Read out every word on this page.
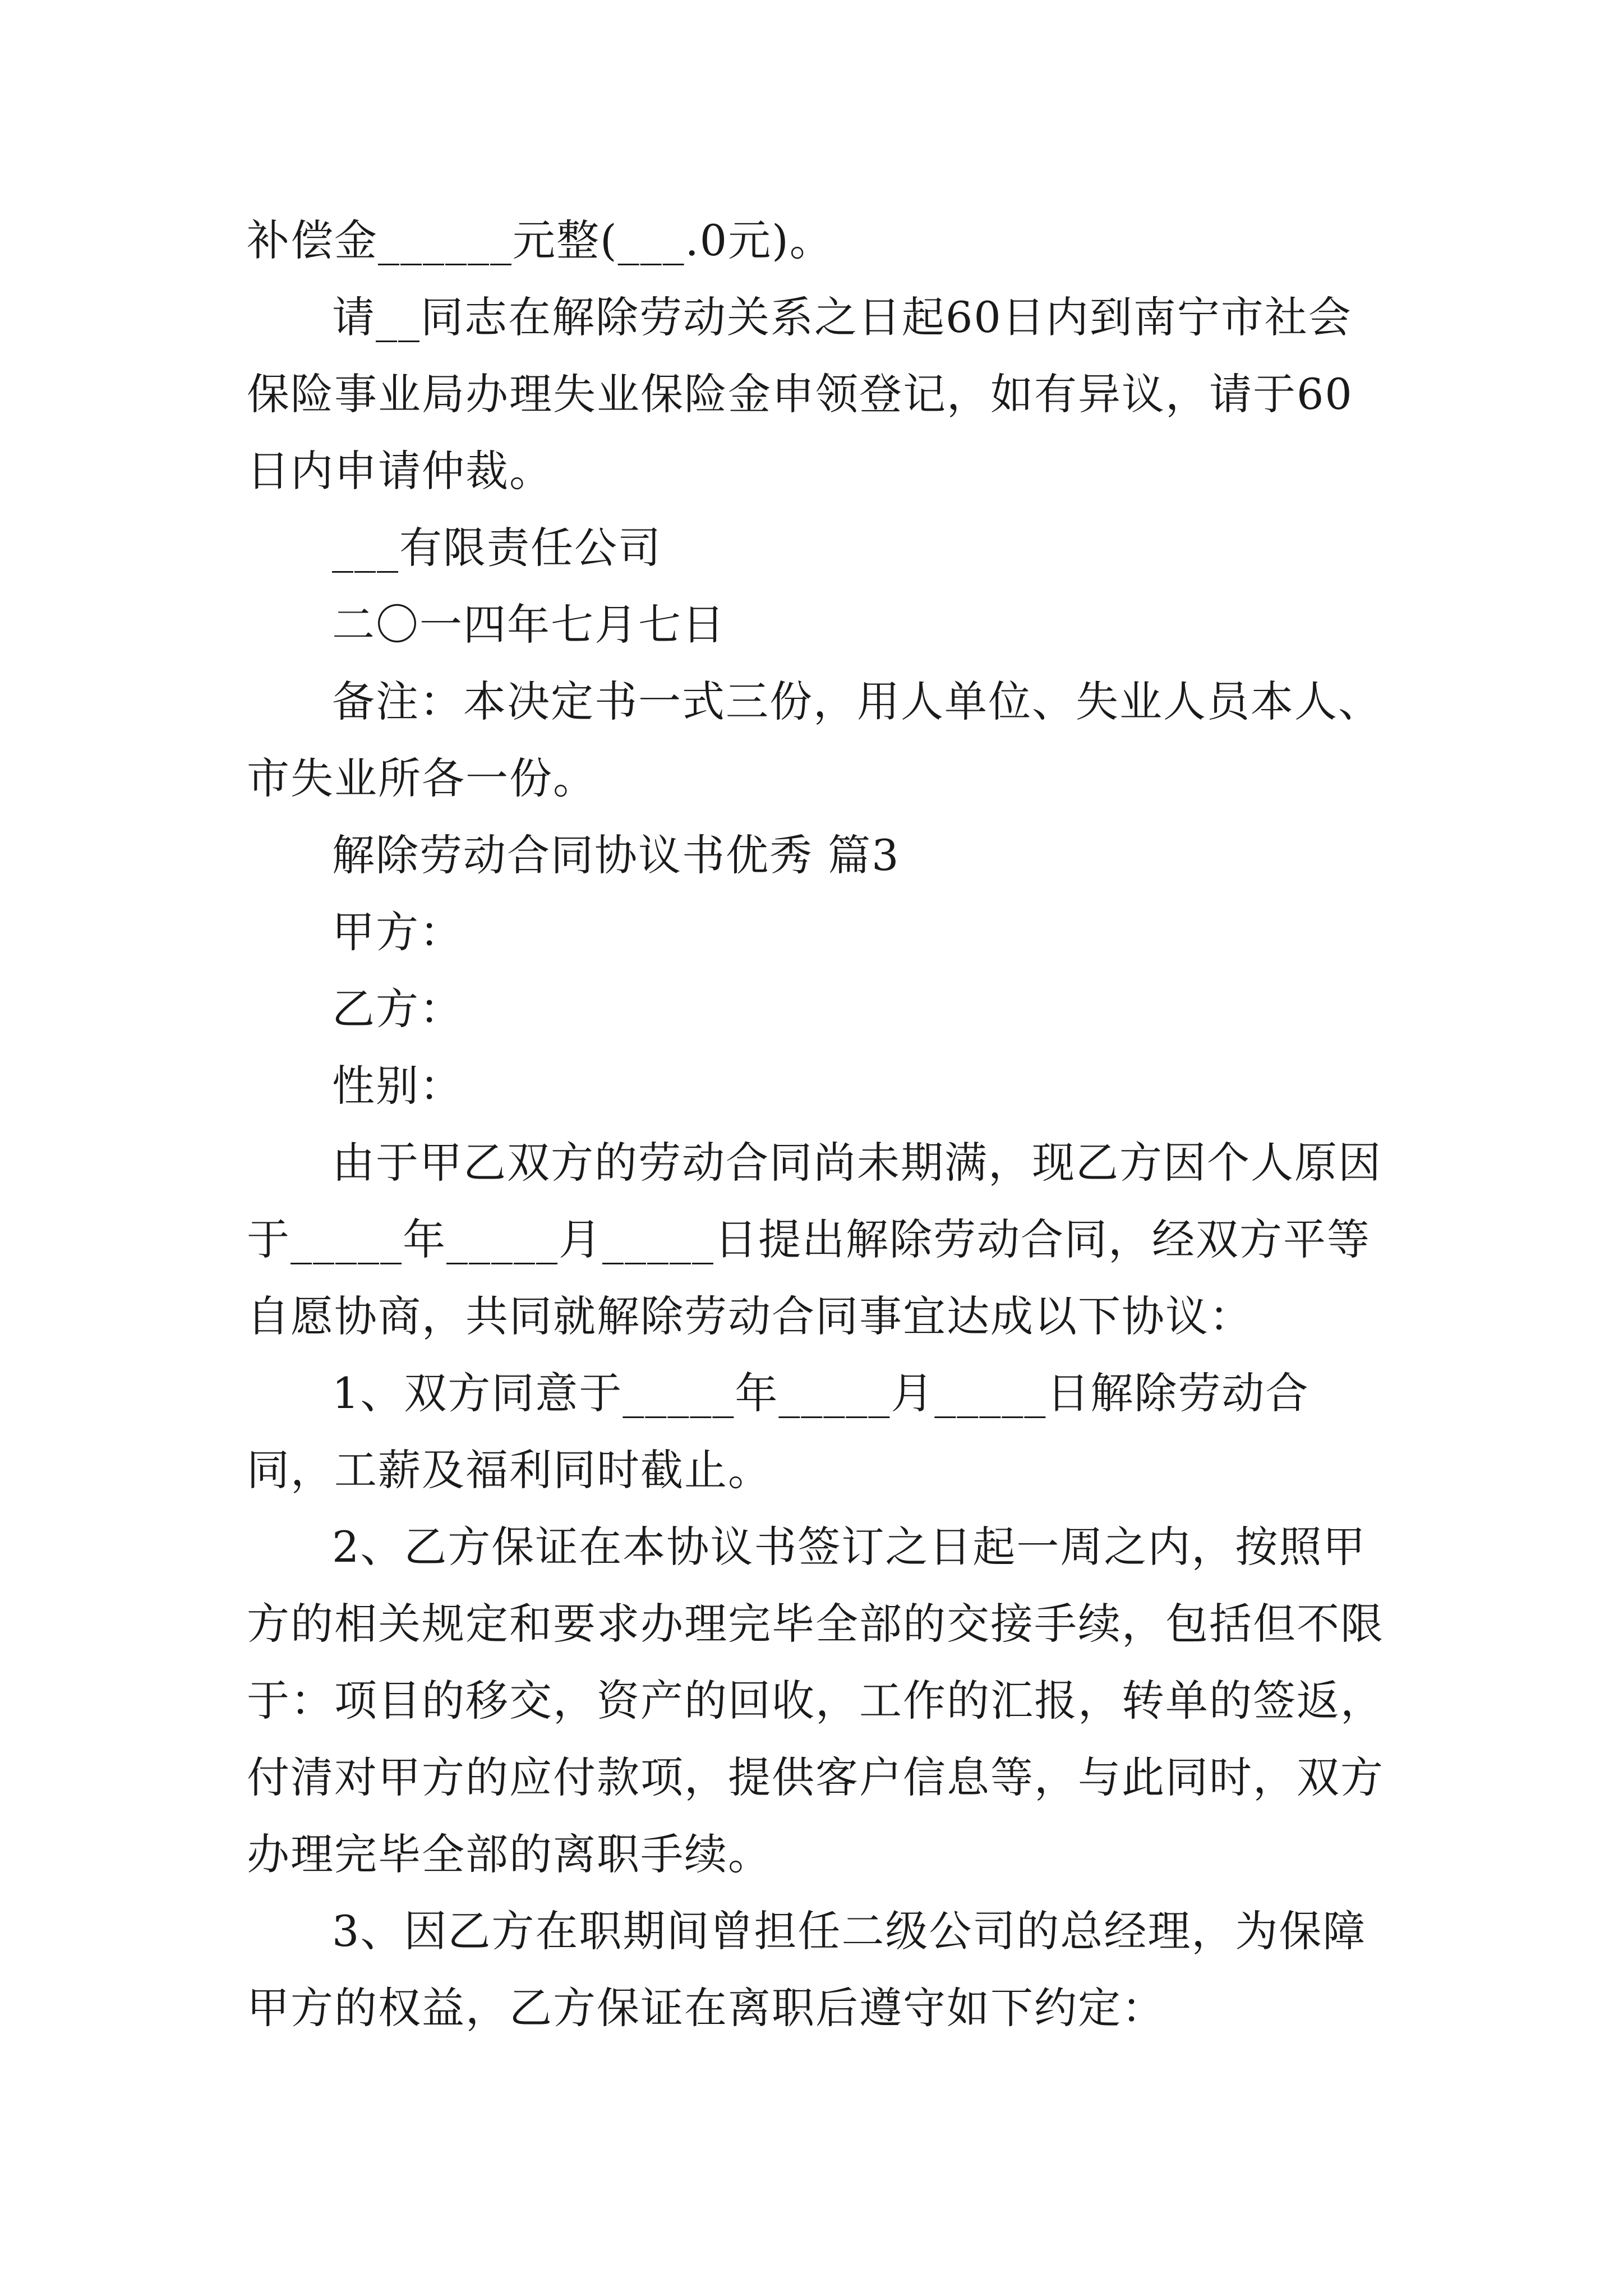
补偿金______元整(___.0元)。

请__同志在解除劳动关系之日起60日内到南宁市社会保险事业局办理失业保险金申领登记，如有异议，请于60日内申请仲裁。

___有限责任公司

二〇一四年七月七日

备注：本决定书一式三份，用人单位、失业人员本人、市失业所各一份。

解除劳动合同协议书优秀 篇3

甲方：

乙方：

性别：

由于甲乙双方的劳动合同尚未期满，现乙方因个人原因于_____年_____月_____日提出解除劳动合同，经双方平等自愿协商，共同就解除劳动合同事宜达成以下协议：

1、双方同意于_____年_____月_____日解除劳动合同，工薪及福利同时截止。

2、乙方保证在本协议书签订之日起一周之内，按照甲方的相关规定和要求办理完毕全部的交接手续，包括但不限于：项目的移交，资产的回收，工作的汇报，转单的签返，付清对甲方的应付款项，提供客户信息等，与此同时，双方办理完毕全部的离职手续。

3、因乙方在职期间曾担任二级公司的总经理，为保障甲方的权益，乙方保证在离职后遵守如下约定：
